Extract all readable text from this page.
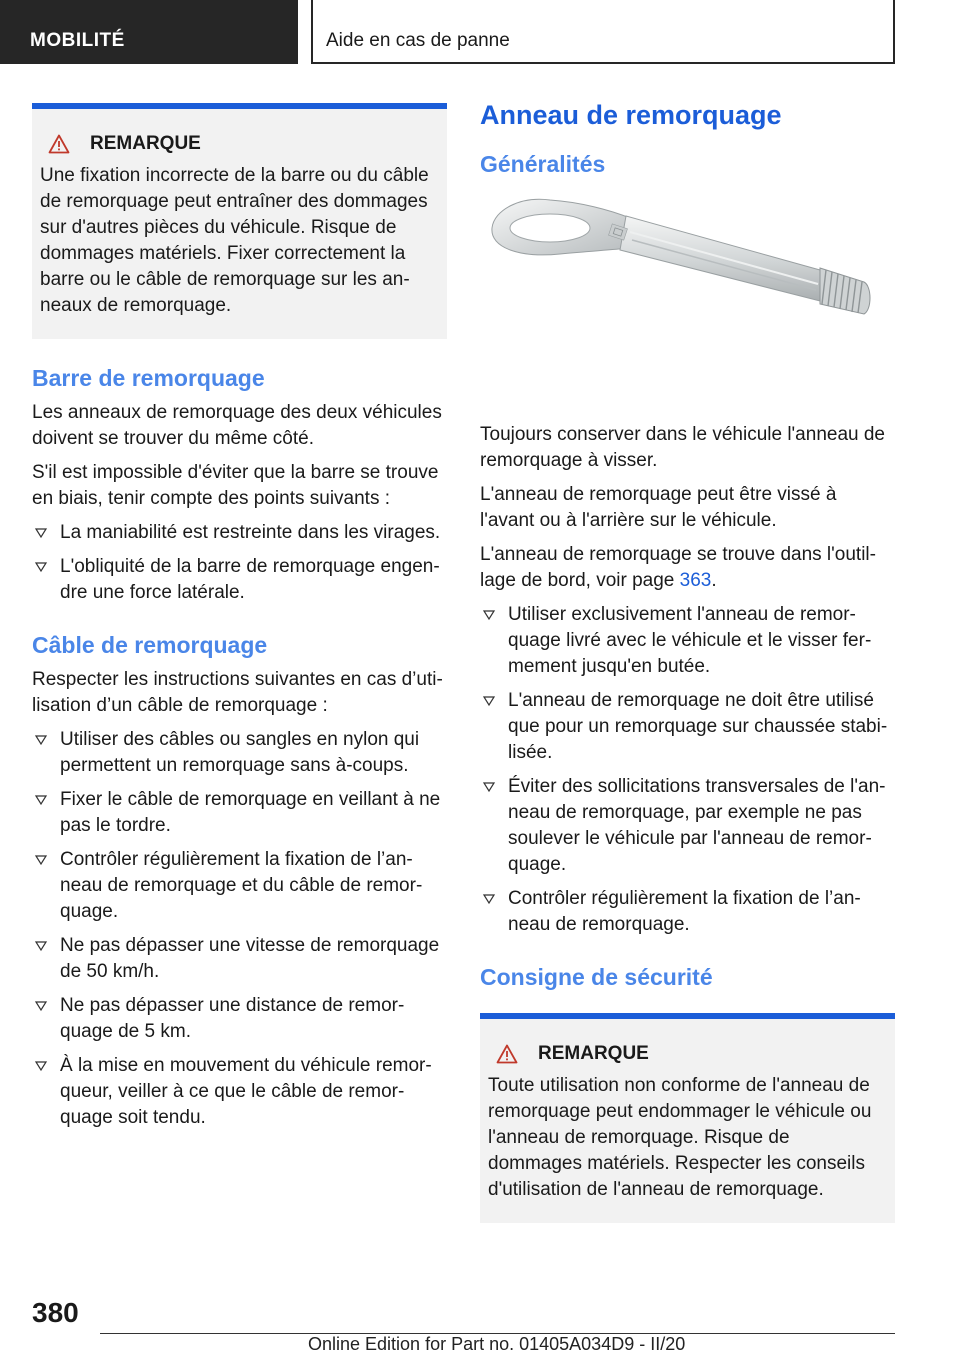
MOBILITÉ	Aide en cas de panne
REMARQUE
Une fixation incorrecte de la barre ou du câble de remorquage peut entraîner des dommages sur d'autres pièces du véhicule. Risque de dommages matériels. Fixer correctement la barre ou le câble de remorquage sur les an-neaux de remorquage.
Barre de remorquage
Les anneaux de remorquage des deux véhicules doivent se trouver du même côté.
S'il est impossible d'éviter que la barre se trouve en biais, tenir compte des points suivants :
La maniabilité est restreinte dans les virages.
L'obliquité de la barre de remorquage engen-dre une force latérale.
Câble de remorquage
Respecter les instructions suivantes en cas d’uti-lisation d’un câble de remorquage :
Utiliser des câbles ou sangles en nylon qui permettent un remorquage sans à-coups.
Fixer le câble de remorquage en veillant à ne pas le tordre.
Contrôler régulièrement la fixation de l’an-neau de remorquage et du câble de remor-quage.
Ne pas dépasser une vitesse de remorquage de 50 km/h.
Ne pas dépasser une distance de remor-quage de 5 km.
À la mise en mouvement du véhicule remor-queur, veiller à ce que le câble de remor-quage soit tendu.
Anneau de remorquage
Généralités
Toujours conserver dans le véhicule l'anneau de remorquage à visser.
L'anneau de remorquage peut être vissé à l'avant ou à l'arrière sur le véhicule.
L'anneau de remorquage se trouve dans l'outil-lage de bord, voir page 363.
Utiliser exclusivement l'anneau de remor-quage livré avec le véhicule et le visser fer-mement jusqu'en butée.
L'anneau de remorquage ne doit être utilisé que pour un remorquage sur chaussée stabi-lisée.
Éviter des sollicitations transversales de l'an-neau de remorquage, par exemple ne pas soulever le véhicule par l'anneau de remor-quage.
Contrôler régulièrement la fixation de l’an-neau de remorquage.
Consigne de sécurité
REMARQUE
Toute utilisation non conforme de l'anneau de remorquage peut endommager le véhicule ou l'anneau de remorquage. Risque de dommages matériels. Respecter les conseils d'utilisation de l'anneau de remorquage.
380
Online Edition for Part no. 01405A034D9 - II/20
